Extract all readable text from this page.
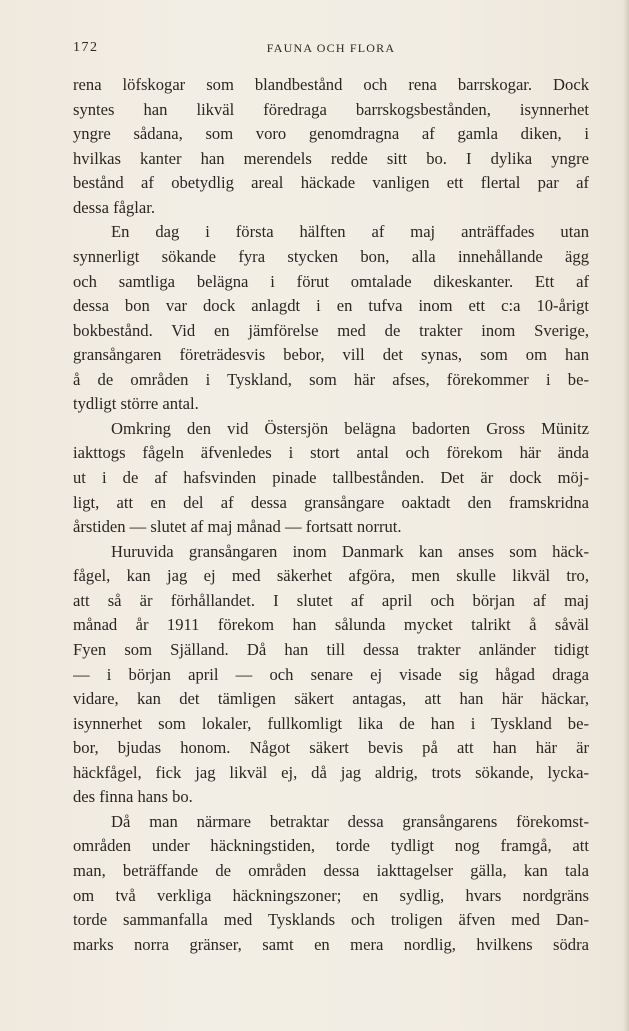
172	FAUNA OCH FLORA
rena löfskogar som blandbestånd och rena barrskogar. Dock
syntes han likväl föredraga barrskogsbestånden, isynnerhet
yngre sådana, som voro genomdragna af gamla diken, i
hvilkas kanter han merendels redde sitt bo. I dylika yngre
bestånd af obetydlig areal häckade vanligen ett flertal par af
dessa fåglar.
En dag i första hälften af maj anträffades utan
synnerligt sökande fyra stycken bon, alla innehållande ägg
och samtliga belägna i förut omtalade dikeskanter. Ett af
dessa bon var dock anlagdt i en tufva inom ett c:a 10-årigt
bokbestånd. Vid en jämförelse med de trakter inom Sverige,
gransångaren företrädesvis bebor, vill det synas, som om han
å de områden i Tyskland, som här afses, förekommer i be-
tydligt större antal.
Omkring den vid Östersjön belägna badorten Gross Münitz
iakttogs fågeln äfvenledes i stort antal och förekom här ända
ut i de af hafsvinden pinade tallbestånden. Det är dock möj-
ligt, att en del af dessa gransångare oaktadt den framskridna
årstiden — slutet af maj månad — fortsatt norrut.
Huruvida gransångaren inom Danmark kan anses som häck-
fågel, kan jag ej med säkerhet afgöra, men skulle likväl tro,
att så är förhållandet. I slutet af april och början af maj
månad år 1911 förekom han sålunda mycket talrikt å såväl
Fyen som Själland. Då han till dessa trakter anländer tidigt
— i början april — och senare ej visade sig hågad draga
vidare, kan det tämligen säkert antagas, att han här häckar,
isynnerhet som lokaler, fullkomligt lika de han i Tyskland be-
bor, bjudas honom. Något säkert bevis på att han här är
häckfågel, fick jag likväl ej, då jag aldrig, trots sökande, lycka-
des finna hans bo.
Då man närmare betraktar dessa gransångarens förekomst-
områden under häckningstiden, torde tydligt nog framgå, att
man, beträffande de områden dessa iakttagelser gälla, kan tala
om två verkliga häckningszoner; en sydlig, hvars nordgräns
torde sammanfalla med Tysklands och troligen äfven med Dan-
marks norra gränser, samt en mera nordlig, hvilkens södra
